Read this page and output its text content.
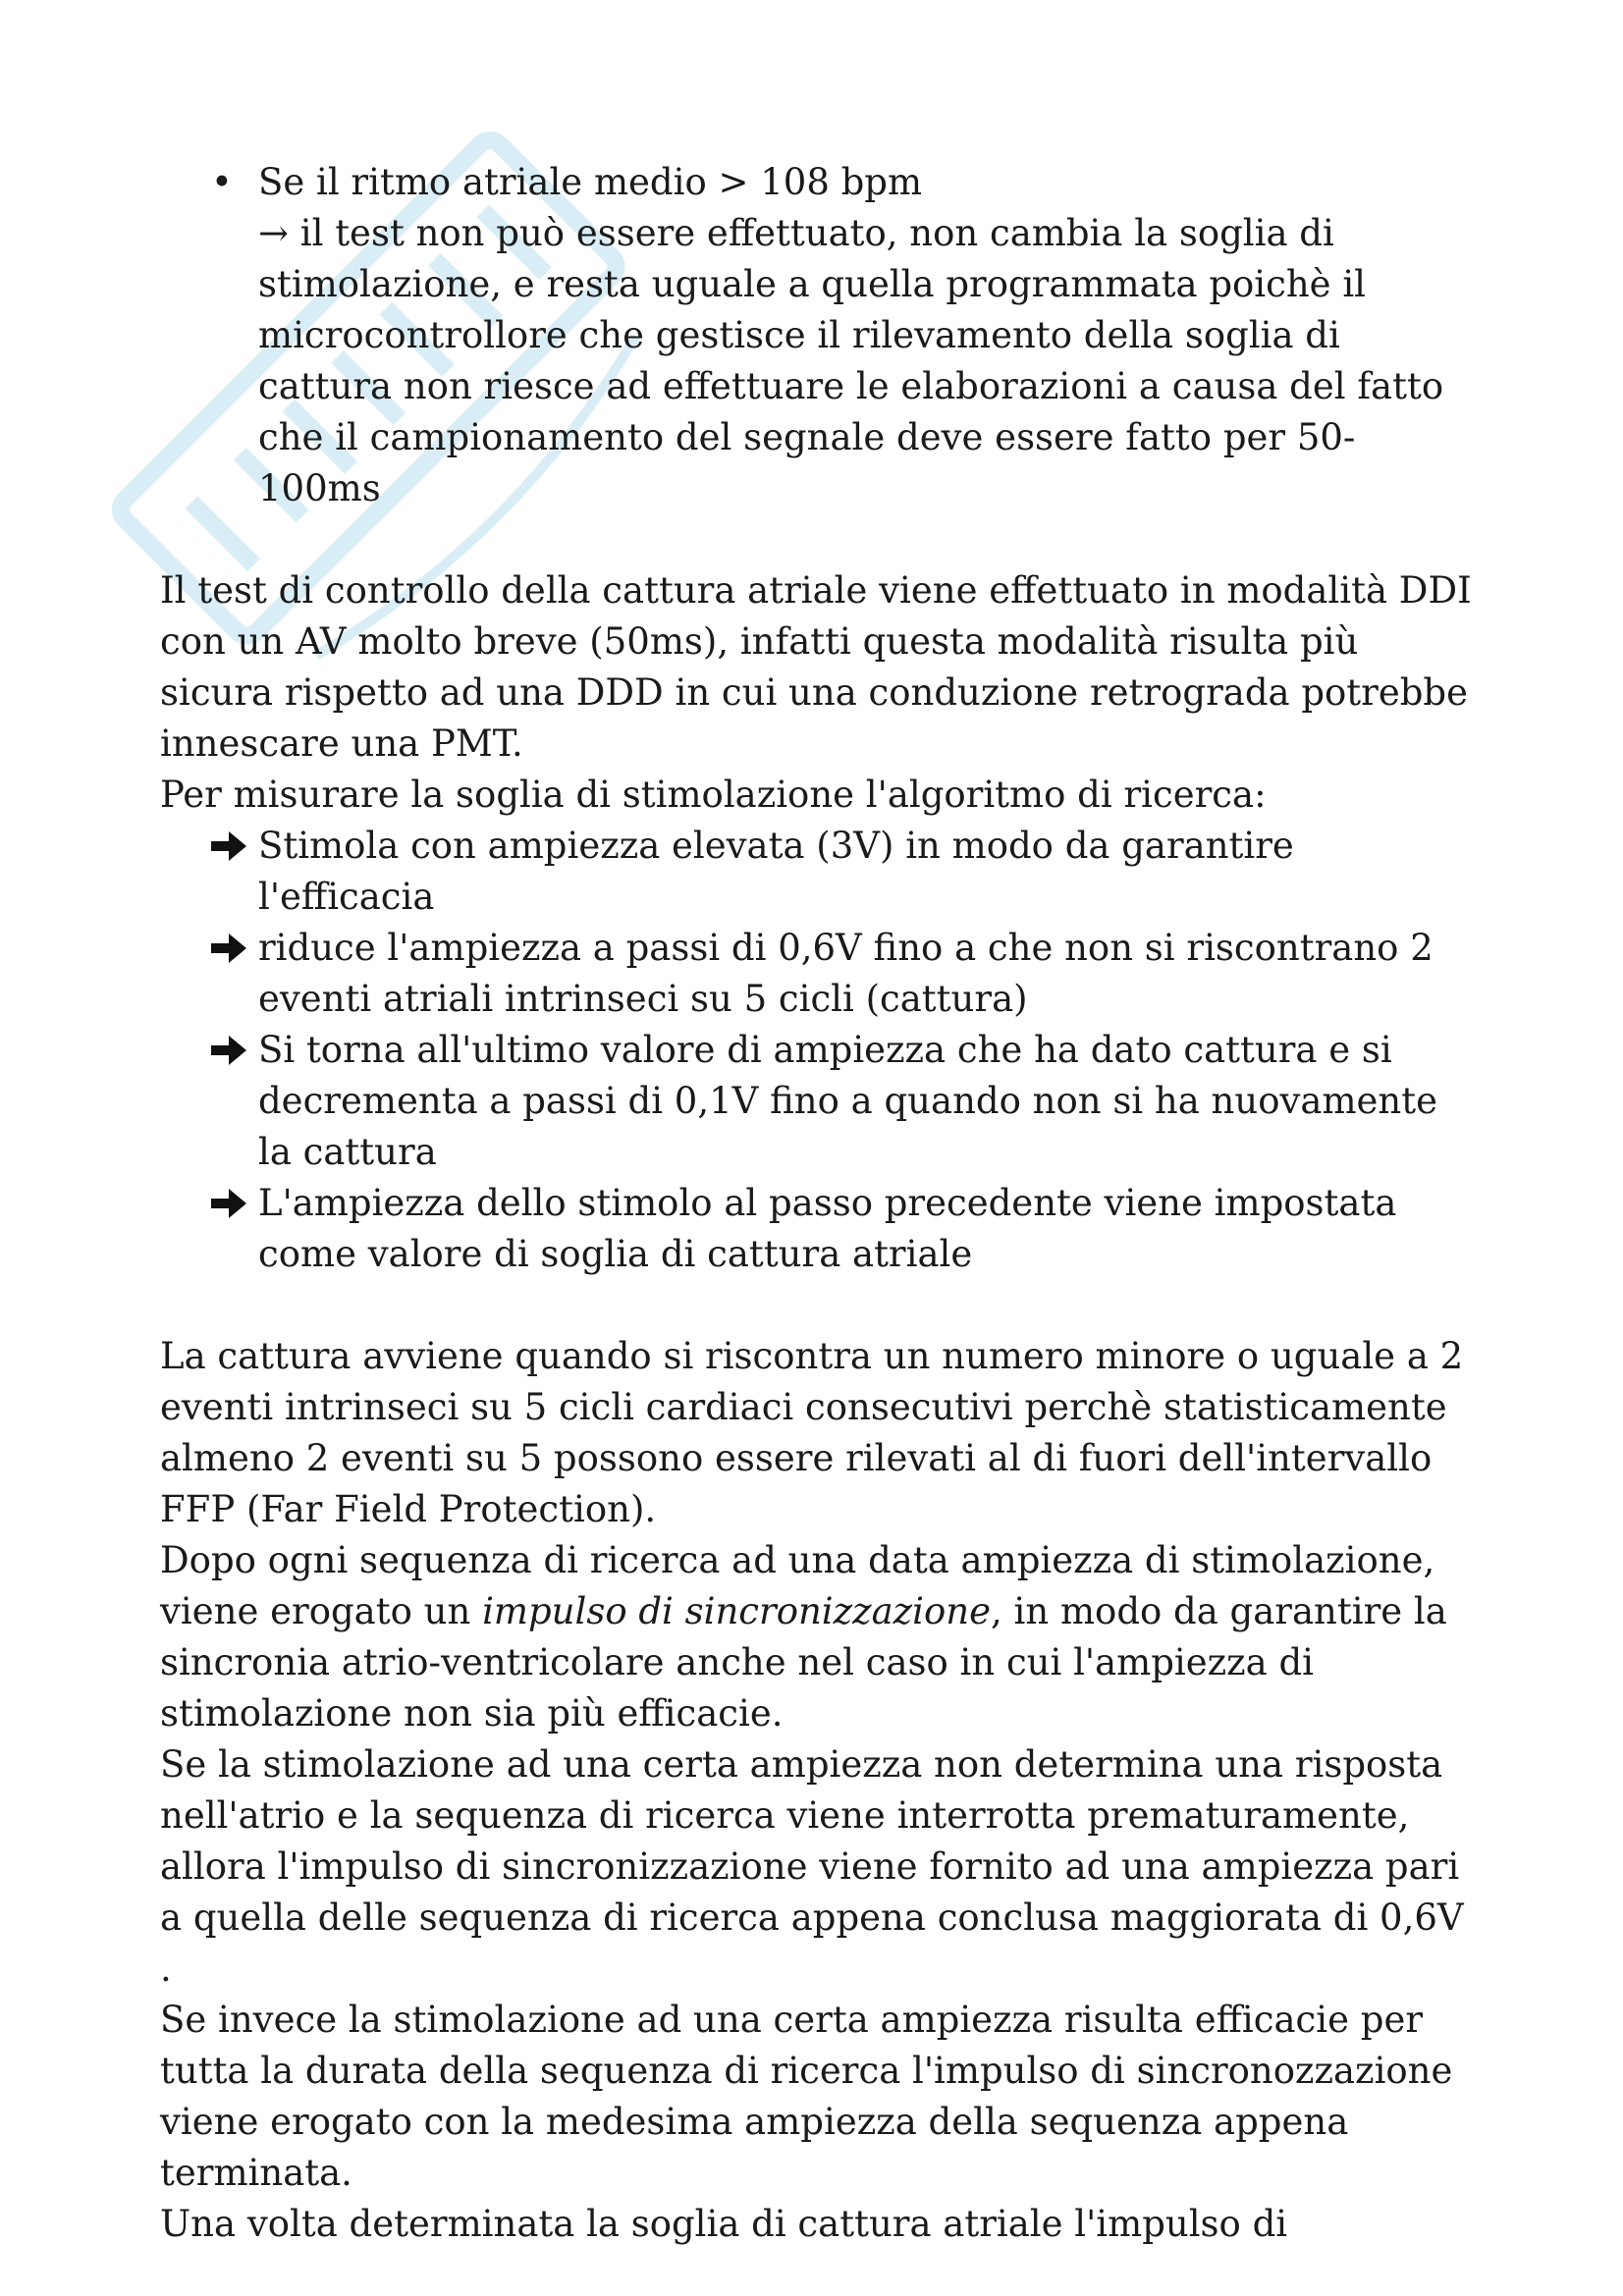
• Se il ritmo atriale medio > 108 bpm

→ il test non può essere effettuato, non cambia la soglia di stimolazione, e resta uguale a quella programmata poichè il microcontrollore che gestisce il rilevamento della soglia di cattura non riesce ad effettuare le elaborazioni a causa del fatto che il campionamento del segnale deve essere fatto per 50-100ms

Il test di controllo della cattura atriale viene effettuato in modalità DDI con un AV molto breve (50ms), infatti questa modalità risulta più sicura rispetto ad una DDD in cui una conduzione retrograda potrebbe innescare una PMT.

Per misurare la soglia di stimolazione l'algoritmo di ricerca:

Stimola con ampiezza elevata (3V) in modo da garantire l'efficacia
riduce l'ampiezza a passi di 0,6V fino a che non si riscontrano 2 eventi atriali intrinseci su 5 cicli (cattura)
Si torna all'ultimo valore di ampiezza che ha dato cattura e si decrementa a passi di 0,1V fino a quando non si ha nuovamente la cattura
L'ampiezza dello stimolo al passo precedente viene impostata come valore di soglia di cattura atriale

La cattura avviene quando si riscontra un numero minore o uguale a 2 eventi intrinseci su 5 cicli cardiaci consecutivi perchè statisticamente almeno 2 eventi su 5 possono essere rilevati al di fuori dell'intervallo FFP (Far Field Protection).

Dopo ogni sequenza di ricerca ad una data ampiezza di stimolazione, viene erogato un impulso di sincronizzazione, in modo da garantire la sincronia atrio-ventricolare anche nel caso in cui l'ampiezza di stimolazione non sia più efficacie.

Se la stimolazione ad una certa ampiezza non determina una risposta nell'atrio e la sequenza di ricerca viene interrotta prematuramente, allora l'impulso di sincronizzazione viene fornito ad una ampiezza pari a quella delle sequenza di ricerca appena conclusa maggiorata di 0,6V .

Se invece la stimolazione ad una certa ampiezza risulta efficacie per tutta la durata della sequenza di ricerca l'impulso di sincronozzazione viene erogato con la medesima ampiezza della sequenza appena terminata.

Una volta determinata la soglia di cattura atriale l'impulso di
